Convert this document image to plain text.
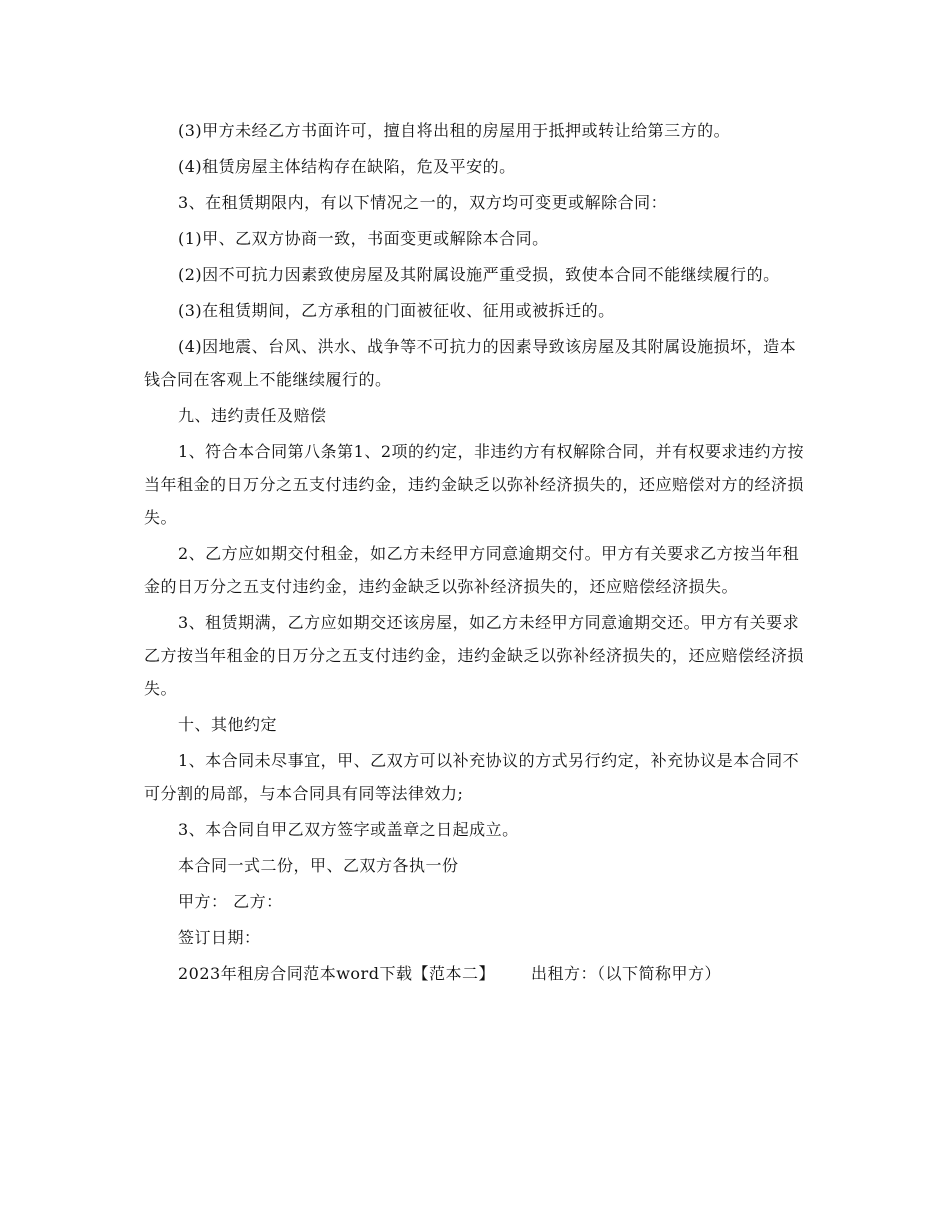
(3)甲方未经乙方书面许可，擅自将出租的房屋用于抵押或转让给第三方的。

(4)租赁房屋主体结构存在缺陷，危及平安的。

3、在租赁期限内，有以下情况之一的，双方均可变更或解除合同：

(1)甲、乙双方协商一致，书面变更或解除本合同。

(2)因不可抗力因素致使房屋及其附属设施严重受损，致使本合同不能继续履行的。

(3)在租赁期间，乙方承租的门面被征收、征用或被拆迁的。

(4)因地震、台风、洪水、战争等不可抗力的因素导致该房屋及其附属设施损坏，造本钱合同在客观上不能继续履行的。

九、违约责任及赔偿

1、符合本合同第八条第1、2项的约定，非违约方有权解除合同，并有权要求违约方按当年租金的日万分之五支付违约金，违约金缺乏以弥补经济损失的，还应赔偿对方的经济损失。

2、乙方应如期交付租金，如乙方未经甲方同意逾期交付。甲方有关要求乙方按当年租金的日万分之五支付违约金，违约金缺乏以弥补经济损失的，还应赔偿经济损失。

3、租赁期满，乙方应如期交还该房屋，如乙方未经甲方同意逾期交还。甲方有关要求乙方按当年租金的日万分之五支付违约金，违约金缺乏以弥补经济损失的，还应赔偿经济损失。

十、其他约定

1、本合同未尽事宜，甲、乙双方可以补充协议的方式另行约定，补充协议是本合同不可分割的局部，与本合同具有同等法律效力;

3、本合同自甲乙双方签字或盖章之日起成立。

本合同一式二份，甲、乙双方各执一份

甲方： 乙方：

签订日期：

2023年租房合同范本word下载【范本二】 出租方：（以下简称甲方）
